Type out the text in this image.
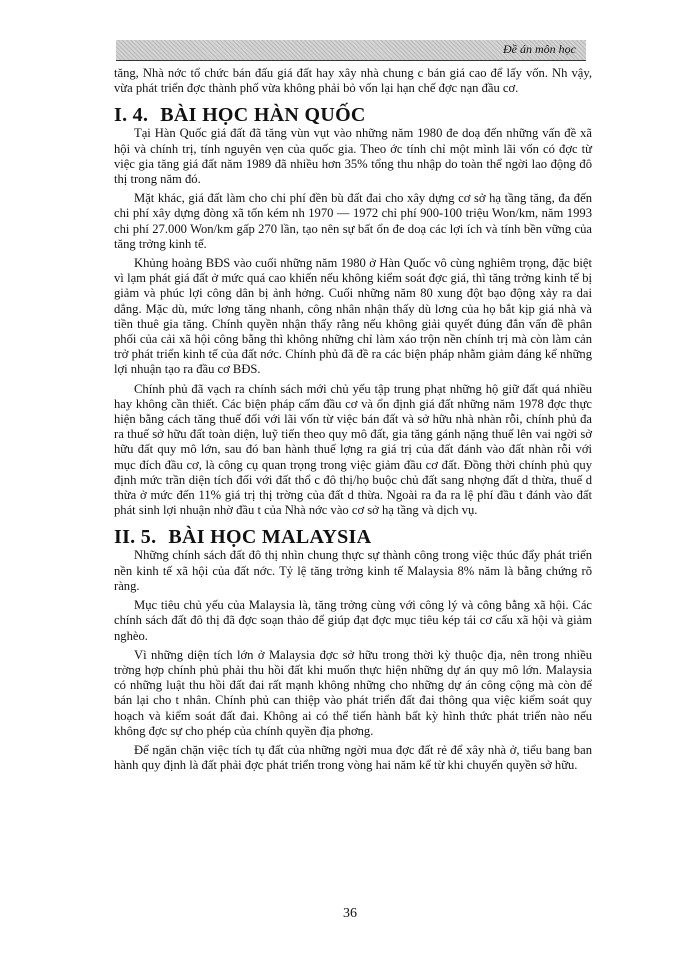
Đề án môn học

tăng, Nhà nớc tổ chức bán đấu giá đất hay xây nhà chung c bán giá cao để lấy vốn. Nh vậy, vừa phát triển đợc thành phố vừa không phải bỏ vốn lại hạn chế đợc nạn đầu cơ.

I. 4. BÀI HỌC HÀN QUỐC

Tại Hàn Quốc giá đất đã tăng vùn vụt vào những năm 1980 đe doạ đến những vấn đề xã hội và chính trị, tính nguyên vẹn của quốc gia. Theo ớc tính chỉ một mình lãi vốn có đợc từ việc gia tăng giá đất năm 1989 đã nhiều hơn 35% tổng thu nhập do toàn thể ngời lao động đô thị trong năm đó.

Mặt khác, giá đất làm cho chi phí đền bù đất đai cho xây dựng cơ sở hạ tầng tăng, đa đến chi phí xây dựng đòng xã tốn kém nh 1970 — 1972 chỉ phí 900-100 triệu Won/km, năm 1993 chi phí 27.000 Won/km gấp 270 lần, tạo nên sự bất ổn đe doạ các lợi ích và tính bền vững của tăng trởng kinh tế.

Khủng hoảng BĐS vào cuối những năm 1980 ở Hàn Quốc vô cùng nghiêm trọng, đặc biệt vì lạm phát giá đất ở mức quá cao khiến nếu không kiểm soát đợc giá, thì tăng trởng kinh tế bị giảm và phúc lợi công dân bị ảnh hởng. Cuối những năm 80 xung đột bạo động xảy ra dai dẳng. Mặc dù, mức lơng tăng nhanh, công nhân nhận thấy dù lơng của họ bắt kịp giá nhà và tiền thuê gia tăng. Chính quyền nhận thấy rằng nếu không giải quyết đúng đắn vấn đề phân phối của cải xã hội công bằng thì không những chỉ làm xáo trộn nền chính trị mà còn làm cản trở phát triển kinh tế của đất nớc. Chính phủ đã đề ra các biện pháp nhằm giảm đáng kể những lợi nhuận tạo ra đầu cơ BĐS.

Chính phủ đã vạch ra chính sách mới chủ yếu tập trung phạt những hộ giữ đất quá nhiều hay không cần thiết. Các biện pháp cấm đầu cơ và ổn định giá đất những năm 1978 đợc thực hiện bằng cách tăng thuế đối với lãi vốn từ việc bán đất và sở hữu nhà nhàn rỗi, chính phủ đa ra thuế sở hữu đất toàn diện, luỹ tiến theo quy mô đất, gia tăng gánh nặng thuế lên vai ngời sở hữu đất quy mô lớn, sau đó ban hành thuế lợng ra giá trị của đất đánh vào đất nhàn rỗi với mục đích đầu cơ, là công cụ quan trọng trong việc giảm đầu cơ đất. Đồng thời chính phủ quy định mức trần diện tích đối với đất thổ c đô thị/họ buộc chủ đất sang nhợng đất d thừa, thuế d thừa ở mức đến 11% giá trị thị trờng của đất d thừa. Ngoài ra đa ra lệ phí đầu t đánh vào đất phát sinh lợi nhuận nhờ đầu t của Nhà nớc vào cơ sở hạ tầng và dịch vụ.

II. 5. BÀI HỌC MALAYSIA

Những chính sách đất đô thị nhìn chung thực sự thành công trong việc thúc đẩy phát triển nền kinh tế xã hội của đất nớc. Tỷ lệ tăng trởng kinh tế Malaysia 8% năm là bằng chứng rõ ràng.

Mục tiêu chủ yếu của Malaysia là, tăng trởng cùng với công lý và công bằng xã hội. Các chính sách đất đô thị đã đợc soạn thảo để giúp đạt đợc mục tiêu kép tái cơ cấu xã hội và giảm nghèo.

Vì những diện tích lớn ở Malaysia đợc sở hữu trong thời kỳ thuộc địa, nên trong nhiều trờng hợp chính phủ phải thu hồi đất khi muốn thực hiện những dự án quy mô lớn. Malaysia có những luật thu hồi đất đai rất mạnh không những cho những dự án công cộng mà còn để bán lại cho t nhân. Chính phủ can thiệp vào phát triển đất đai thông qua việc kiểm soát quy hoạch và kiểm soát đất đai. Không ai có thể tiến hành bất kỳ hình thức phát triển nào nếu không đợc sự cho phép của chính quyền địa phơng.

Để ngăn chặn việc tích tụ đất của những ngời mua đợc đất rẻ để xây nhà ở, tiểu bang ban hành quy định là đất phải đợc phát triển trong vòng hai năm kể từ khi chuyển quyền sở hữu.

36
